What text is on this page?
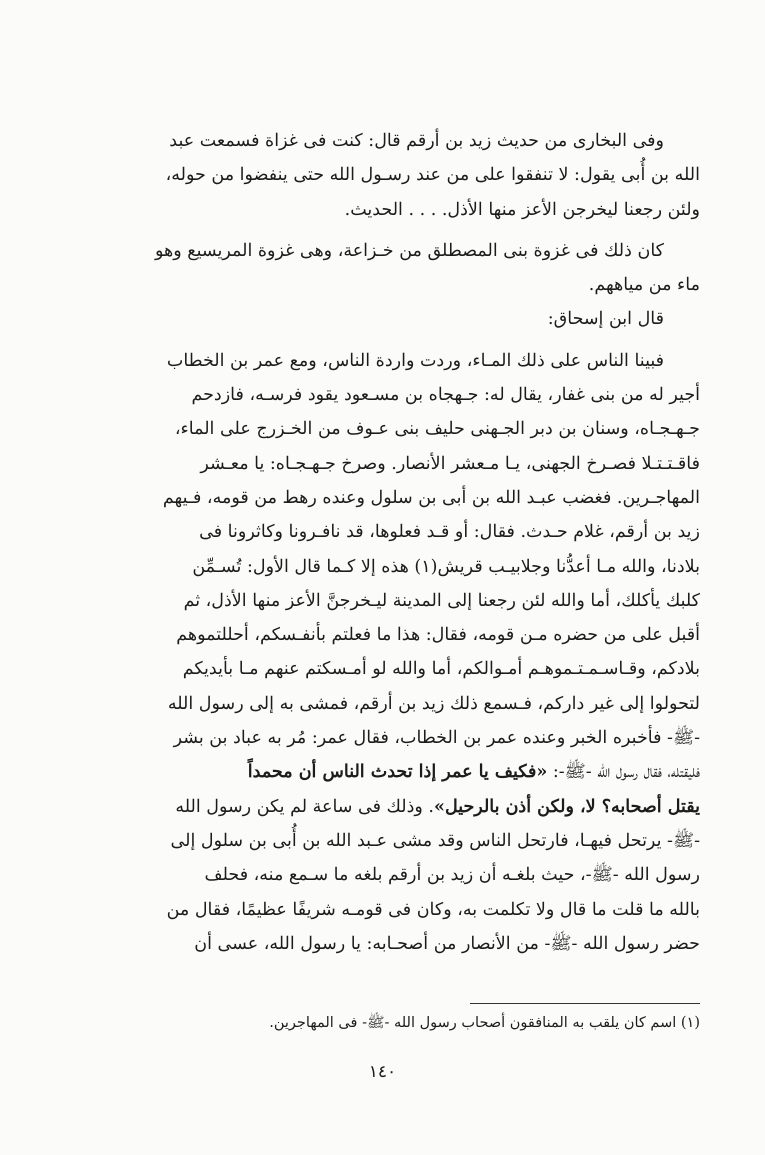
وفى البخارى من حديث زيد بن أرقم قال: كنت فى غزاة فسمعت عبد

الله بن أُبى يقول: لا تنفقوا على من عند رسـول الله حتى ينفضوا من حوله،

ولئن رجعنا ليخرجن الأعز منها الأذل. . . . الحديث.

كان ذلك فى غزوة بنى المصطلق من خـزاعة، وهى غزوة المريسيع وهو

ماء من مياههم.

قال ابن إسحاق:

فبينا الناس على ذلك المـاء، وردت واردة الناس، ومع عمر بن الخطاب

أجير له من بنى غفار، يقال له: جـهجاه بن مسـعود يقود فرسـه، فازدحم

جـهـجـاه، وسنان بن دبر الجـهنى حليف بنى عـوف من الخـزرج على الماء،

فاقـتـتـلا فصـرخ الجهنى، يـا مـعشر الأنصار. وصرخ جـهـجـاه: يا معـشر

المهاجـرين. فغضب عبـد الله بن أبى بن سلول وعنده رهط من قومه، فـيهم

زيد بن أرقم، غلام حـدث. فقال: أو قـد فعلوها، قد نافـرونا وكاثرونا فى

بلادنا، والله مـا أعدُّنا وجلابيـب قريش(١) هذه إلا كـما قال الأول: تُسـمِّن

كلبك يأكلك، أما والله لئن رجعنا إلى المدينة ليـخرجنَّ الأعز منها الأذل، ثم

أقبل على من حضره مـن قومه، فقال: هذا ما فعلتم بأنفـسكم، أحللتموهم

بلادكم، وقـاسـمـتـموهـم أمـوالكم، أما والله لو أمـسكتم عنهم مـا بأيديكم

لتحولوا إلى غير داركم، فـسمع ذلك زيد بن أرقم، فمشى به إلى رسول الله

-ﷺ- فأخبره الخبر وعنده عمر بن الخطاب، فقال عمر: مُر به عباد بن بشر

فليقتله، فقال رسول الله -ﷺ-: «فكيف يا عمر إذا تحدث الناس أن محمداً

يقتل أصحابه؟ لا، ولكن أذن بالرحيل». وذلك فى ساعة لم يكن رسول الله

-ﷺ- يرتحل فيهـا، فارتحل الناس وقد مشى عـبد الله بن أُبى بن سلول إلى

رسول الله -ﷺ-، حيث بلغـه أن زيد بن أرقم بلغه ما سـمع منه، فحلف

بالله ما قلت ما قال ولا تكلمت به، وكان فى قومـه شريفًا عظيمًا، فقال من

حضر رسول الله -ﷺ- من الأنصار من أصحـابه: يا رسول الله، عسى أن

(١) اسم كان يلقب به المنافقون أصحاب رسول الله -ﷺ- فى المهاجرين.
١٤٠
